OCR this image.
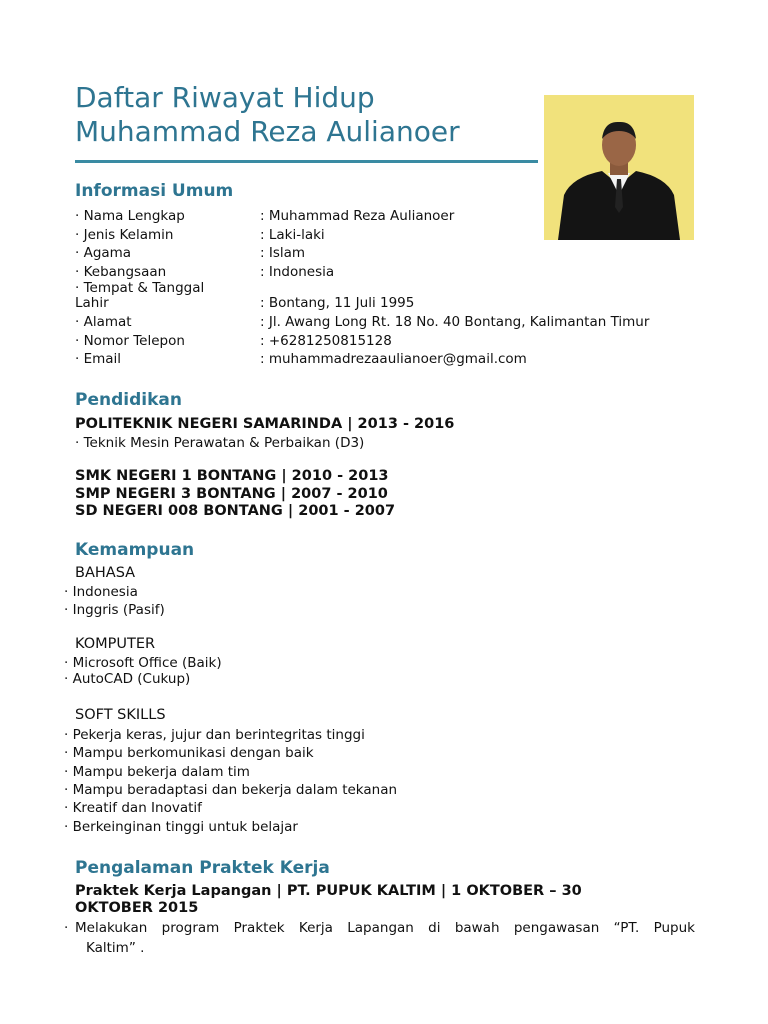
Daftar Riwayat Hidup
Muhammad Reza Aulianoer
Informasi Umum
· Nama Lengkap	: Muhammad Reza Aulianoer
· Jenis Kelamin	: Laki-laki
· Agama	: Islam
· Kebangsaan	: Indonesia
· Tempat & Tanggal
Lahir	: Bontang, 11 Juli 1995
· Alamat	: Jl. Awang Long Rt. 18 No. 40 Bontang, Kalimantan Timur
· Nomor Telepon	: +6281250815128
· Email	: muhammadrezaaulianoer@gmail.com
Pendidikan
POLITEKNIK NEGERI SAMARINDA | 2013 - 2016
· Teknik Mesin Perawatan & Perbaikan (D3)
SMK NEGERI 1 BONTANG | 2010 - 2013
SMP NEGERI 3 BONTANG | 2007 - 2010
SD NEGERI 008 BONTANG | 2001 - 2007
Kemampuan
BAHASA
· Indonesia
· Inggris (Pasif)
KOMPUTER
· Microsoft Office (Baik)
· AutoCAD (Cukup)
SOFT SKILLS
· Pekerja keras, jujur dan berintegritas tinggi
· Mampu berkomunikasi dengan baik
· Mampu bekerja dalam tim
· Mampu beradaptasi dan bekerja dalam tekanan
· Kreatif dan Inovatif
· Berkeinginan tinggi untuk belajar
Pengalaman Praktek Kerja
Praktek Kerja Lapangan | PT. PUPUK KALTIM | 1 OKTOBER – 30
OKTOBER 2015
· Melakukan program Praktek Kerja Lapangan di bawah pengawasan “PT. Pupuk
Kaltim” .
